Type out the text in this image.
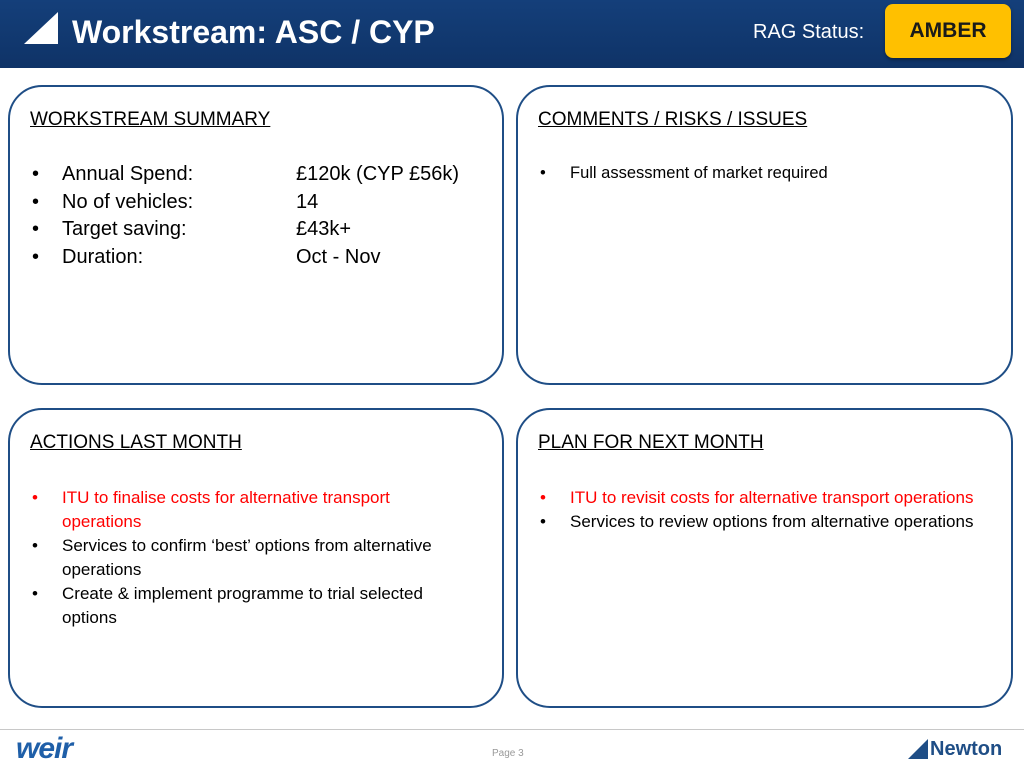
Workstream: ASC / CYP	RAG Status:	AMBER
WORKSTREAM SUMMARY
• Annual Spend:	£120k (CYP £56k)
• No of vehicles:	14
• Target saving:	£43k+
• Duration:	Oct - Nov
COMMENTS / RISKS / ISSUES
• Full assessment of market required
ACTIONS LAST MONTH
• ITU to finalise costs for alternative transport operations
• Services to confirm ‘best’ options from alternative operations
• Create & implement programme to trial selected options
PLAN FOR NEXT MONTH
• ITU to revisit costs for alternative transport operations
• Services to review options from alternative operations
weir	Page 3	Newton
